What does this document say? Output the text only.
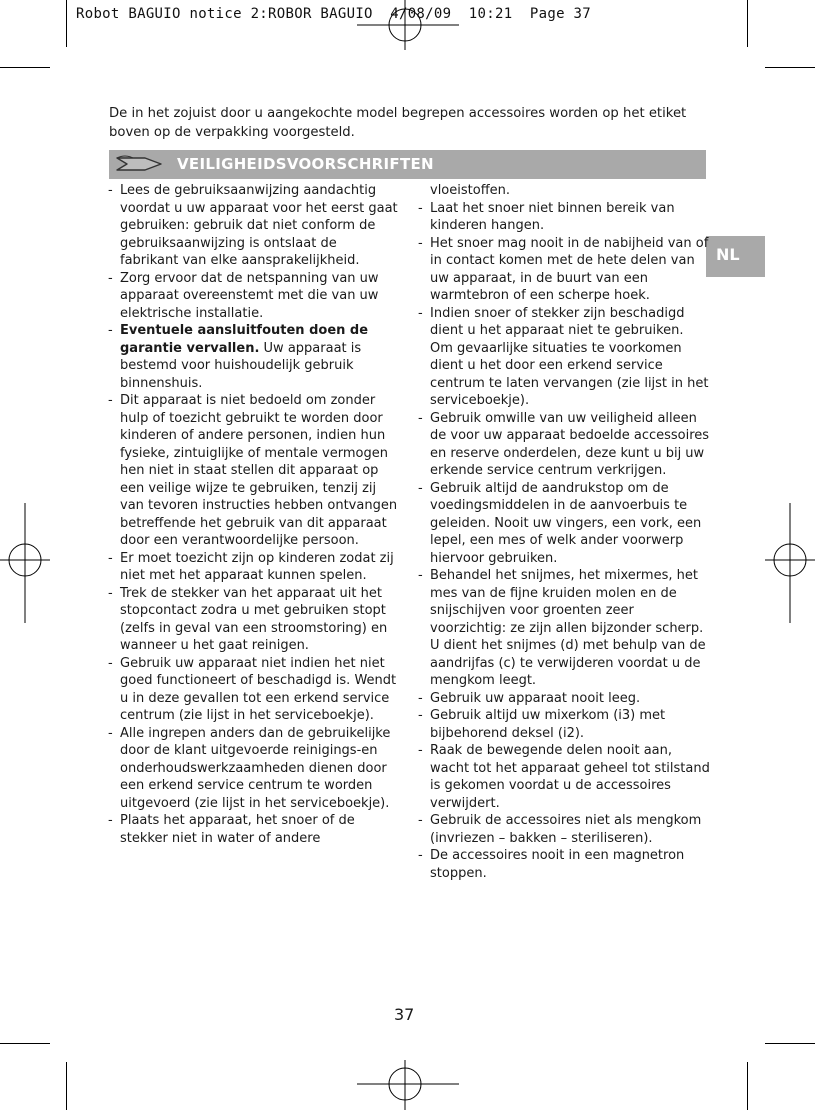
Robot BAGUIO notice 2:ROBOR BAGUIO  4/08/09  10:21  Page 37
De in het zojuist door u aangekochte model begrepen accessoires worden op het etiket boven op de verpakking voorgesteld.
VEILIGHEIDSVOORSCHRIFTEN
NL
- Lees de gebruiksaanwijzing aandachtig voordat u uw apparaat voor het eerst gaat gebruiken: gebruik dat niet conform de gebruiksaanwijzing is ontslaat de fabrikant van elke aansprakelijkheid.
- Zorg ervoor dat de netspanning van uw apparaat overeenstemt met die van uw elektrische installatie.
- Eventuele aansluitfouten doen de garantie vervallen. Uw apparaat is bestemd voor huishoudelijk gebruik binnenshuis.
- Dit apparaat is niet bedoeld om zonder hulp of toezicht gebruikt te worden door kinderen of andere personen, indien hun fysieke, zintuiglijke of mentale vermogen hen niet in staat stellen dit apparaat op een veilige wijze te gebruiken, tenzij zij van tevoren instructies hebben ontvangen betreffende het gebruik van dit apparaat door een verantwoordelijke persoon.
- Er moet toezicht zijn op kinderen zodat zij niet met het apparaat kunnen spelen.
- Trek de stekker van het apparaat uit het stopcontact zodra u met gebruiken stopt (zelfs in geval van een stroomstoring) en wanneer u het gaat reinigen.
- Gebruik uw apparaat niet indien het niet goed functioneert of beschadigd is. Wendt u in deze gevallen tot een erkend service centrum (zie lijst in het serviceboekje).
- Alle ingrepen anders dan de gebruikelijke door de klant uitgevoerde reinigings-en onderhoudswerkzaamheden dienen door een erkend service centrum te worden uitgevoerd (zie lijst in het serviceboekje).
- Plaats het apparaat, het snoer of de stekker niet in water of andere
vloeistoffen.
- Laat het snoer niet binnen bereik van kinderen hangen.
- Het snoer mag nooit in de nabijheid van of in contact komen met de hete delen van uw apparaat, in de buurt van een warmtebron of een scherpe hoek.
- Indien snoer of stekker zijn beschadigd dient u het apparaat niet te gebruiken. Om gevaarlijke situaties te voorkomen dient u het door een erkend service centrum te laten vervangen (zie lijst in het serviceboekje).
- Gebruik omwille van uw veiligheid alleen de voor uw apparaat bedoelde accessoires en reserve onderdelen, deze kunt u bij uw erkende service centrum verkrijgen.
- Gebruik altijd de aandrukstop om de voedingsmiddelen in de aanvoerbuis te geleiden. Nooit uw vingers, een vork, een lepel, een mes of welk ander voorwerp hiervoor gebruiken.
- Behandel het snijmes, het mixermes, het mes van de fijne kruiden molen en de snijschijven voor groenten zeer voorzichtig: ze zijn allen bijzonder scherp. U dient het snijmes (d) met behulp van de aandrijfas (c) te verwijderen voordat u de mengkom leegt.
- Gebruik uw apparaat nooit leeg.
- Gebruik altijd uw mixerkom (i3) met bijbehorend deksel (i2).
- Raak de bewegende delen nooit aan, wacht tot het apparaat geheel tot stilstand is gekomen voordat u de accessoires verwijdert.
- Gebruik de accessoires niet als mengkom (invriezen – bakken – steriliseren).
- De accessoires nooit in een magnetron stoppen.
37
